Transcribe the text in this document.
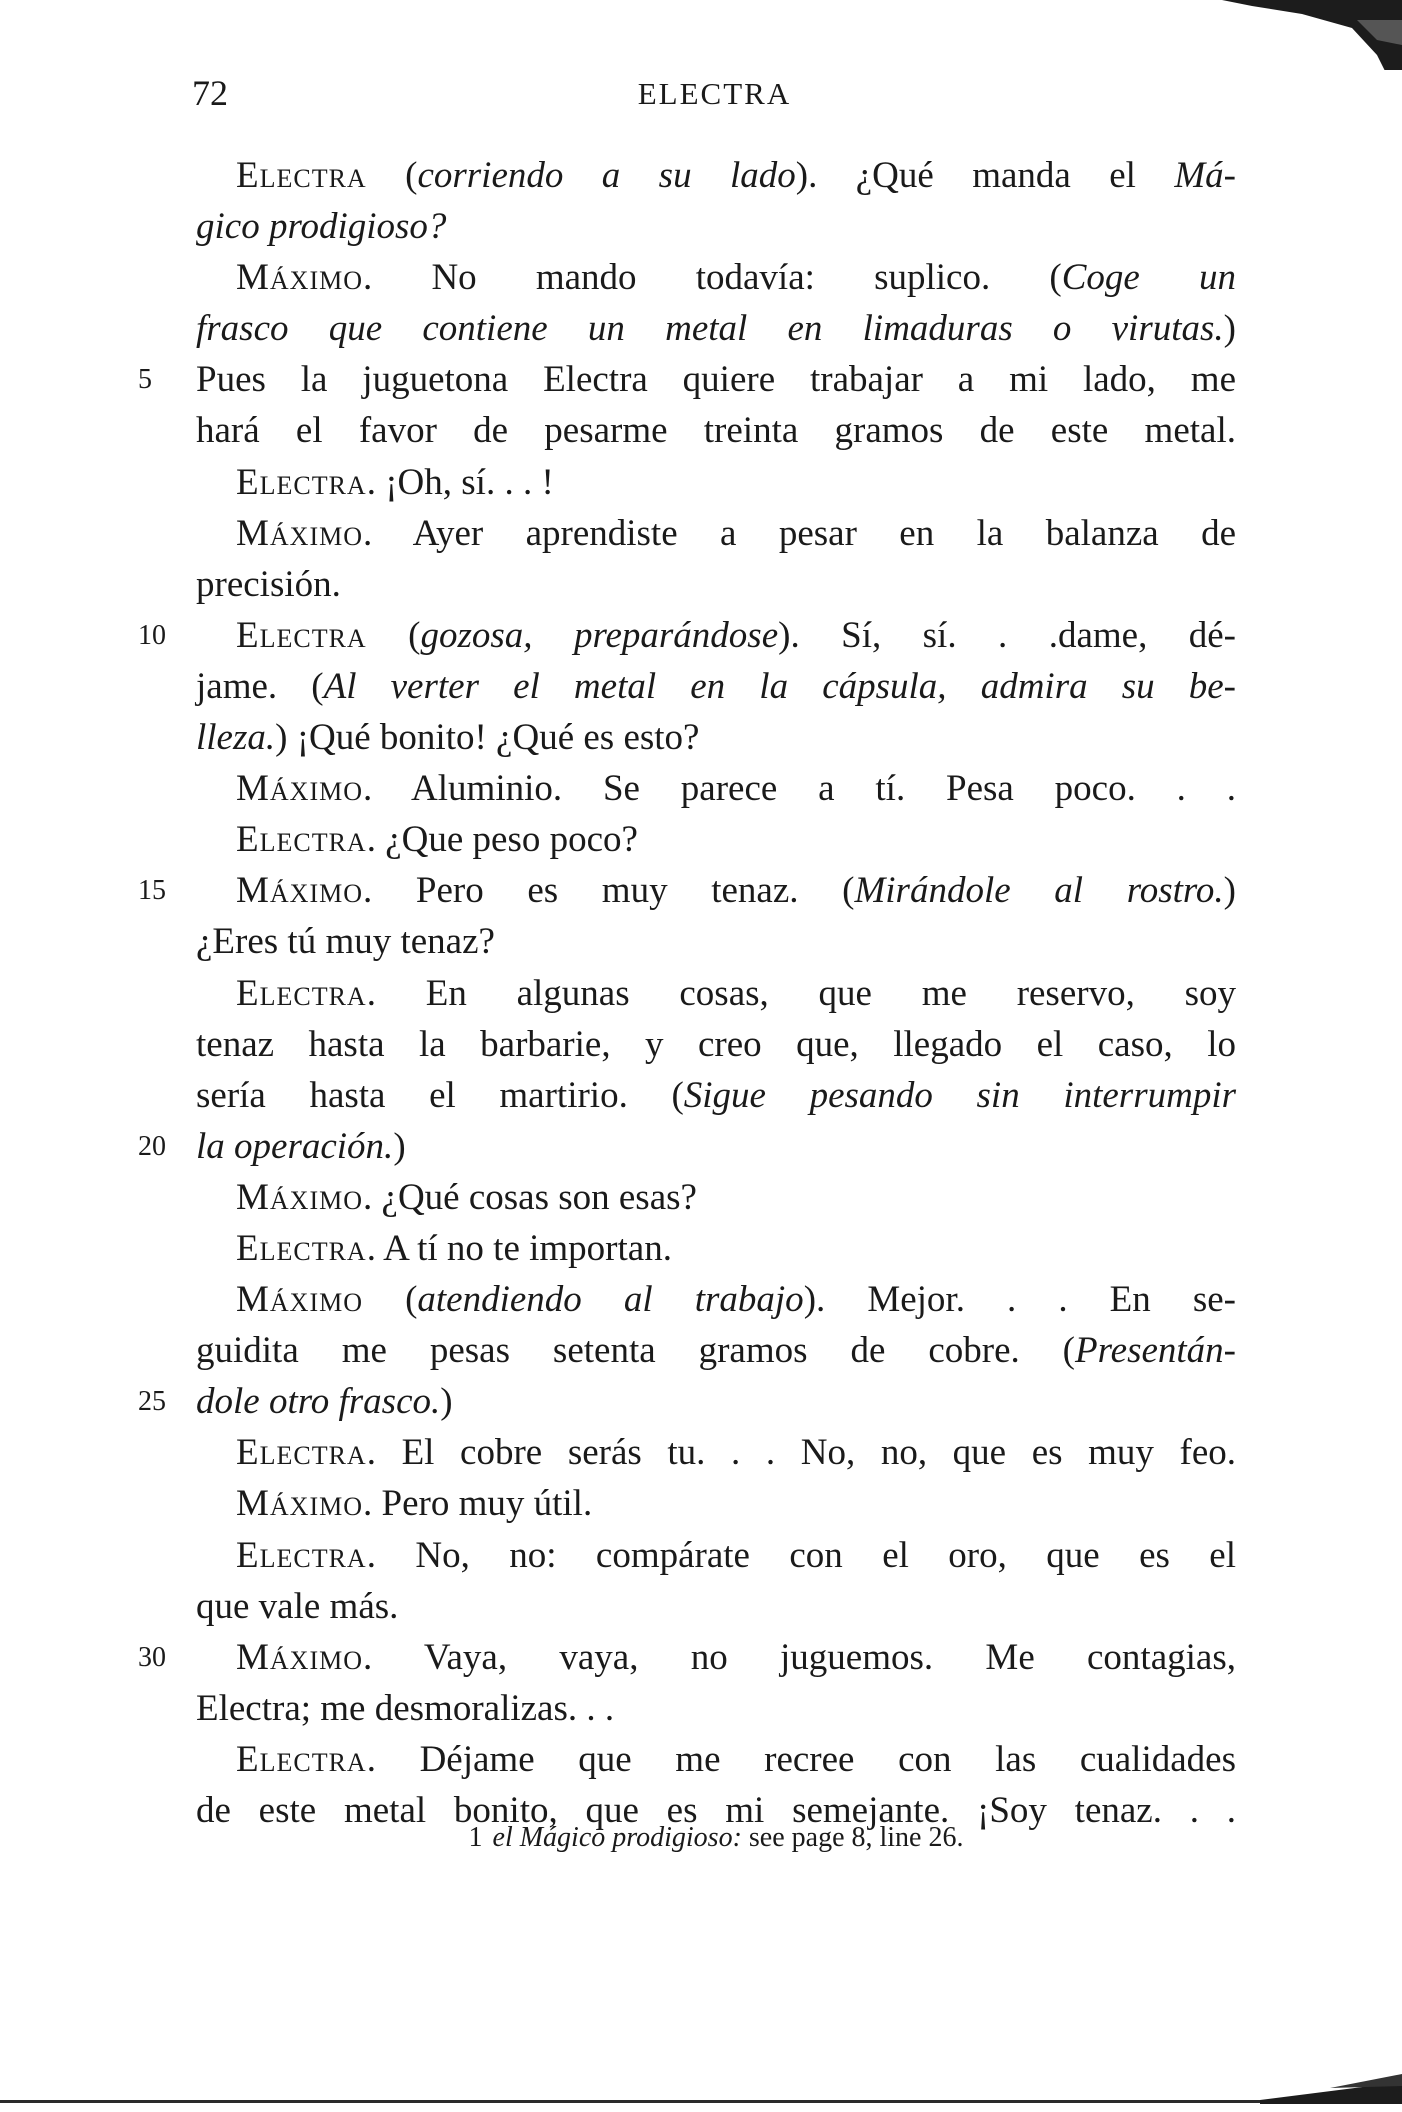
72	ELECTRA
Electra (corriendo a su lado). ¿Qué manda el Má-
gico prodigioso?
Máximo. No mando todavía: suplico. (Coge un
frasco que contiene un metal en limaduras o virutas.)
5	Pues la juguetona Electra quiere trabajar a mi lado, me
hará el favor de pesarme treinta gramos de este metal.
Electra. ¡Oh, sí. . . !
Máximo. Ayer aprendiste a pesar en la balanza de
precisión.
10	Electra (gozosa, preparándose). Sí, sí. . .dame, dé-
jame. (Al verter el metal en la cápsula, admira su be-
lleza.) ¡Qué bonito! ¿Qué es esto?
Máximo. Aluminio. Se parece a tí. Pesa poco. . .
Electra. ¿Que peso poco?
15	Máximo. Pero es muy tenaz. (Mirándole al rostro.)
¿Eres tú muy tenaz?
Electra. En algunas cosas, que me reservo, soy
tenaz hasta la barbarie, y creo que, llegado el caso, lo
sería hasta el martirio. (Sigue pesando sin interrumpir
20 la operación.)
Máximo. ¿Qué cosas son esas?
Electra. A tí no te importan.
Máximo (atendiendo al trabajo). Mejor. . . En se-
guidita me pesas setenta gramos de cobre. (Presentán-
25 dole otro frasco.)
Electra. El cobre serás tu. . . No, no, que es muy feo.
Máximo. Pero muy útil.
Electra. No, no: compárate con el oro, que es el
que vale más.
30	Máximo. Vaya, vaya, no juguemos. Me contagias,
Electra; me desmoralizas. . .
Electra. Déjame que me recree con las cualidades
de este metal bonito, que es mi semejante. ¡Soy tenaz. . .
1 el Mágico prodigioso: see page 8, line 26.
